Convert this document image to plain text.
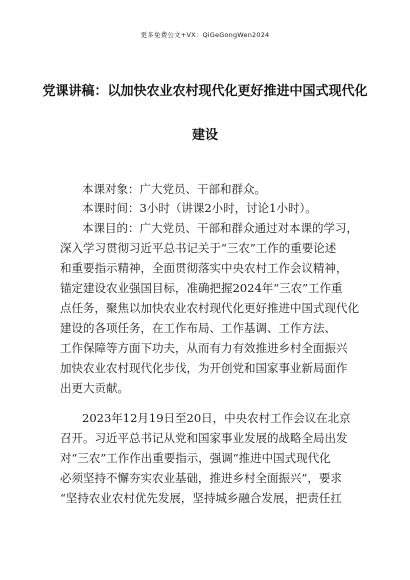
更多免费公文+VX：QiGeGongWen2024
党课讲稿：以加快农业农村现代化更好推进中国式现代化
建设
本课对象：广大党员、干部和群众。
本课时间：3小时（讲课2小时，讨论1小时）。
本课目的：广大党员、干部和群众通过对本课的学习，
深入学习贯彻习近平总书记关于“三农”工作的重要论述
和重要指示精神，全面贯彻落实中央农村工作会议精神，
锚定建设农业强国目标，准确把握2024年“三农”工作重
点任务，聚焦以加快农业农村现代化更好推进中国式现代化
建设的各项任务，在工作布局、工作基调、工作方法、
工作保障等方面下功夫，从而有力有效推进乡村全面振兴
加快农业农村现代化步伐，为开创党和国家事业新局面作
出更大贡献。
2023年12月19日至20日，中央农村工作会议在北京
召开。习近平总书记从党和国家事业发展的战略全局出发
对“三农”工作作出重要指示，强调“推进中国式现代化
必须坚持不懈夯实农业基础，推进乡村全面振兴”，要求
“坚持农业农村优先发展，坚持城乡融合发展，把责任扛
